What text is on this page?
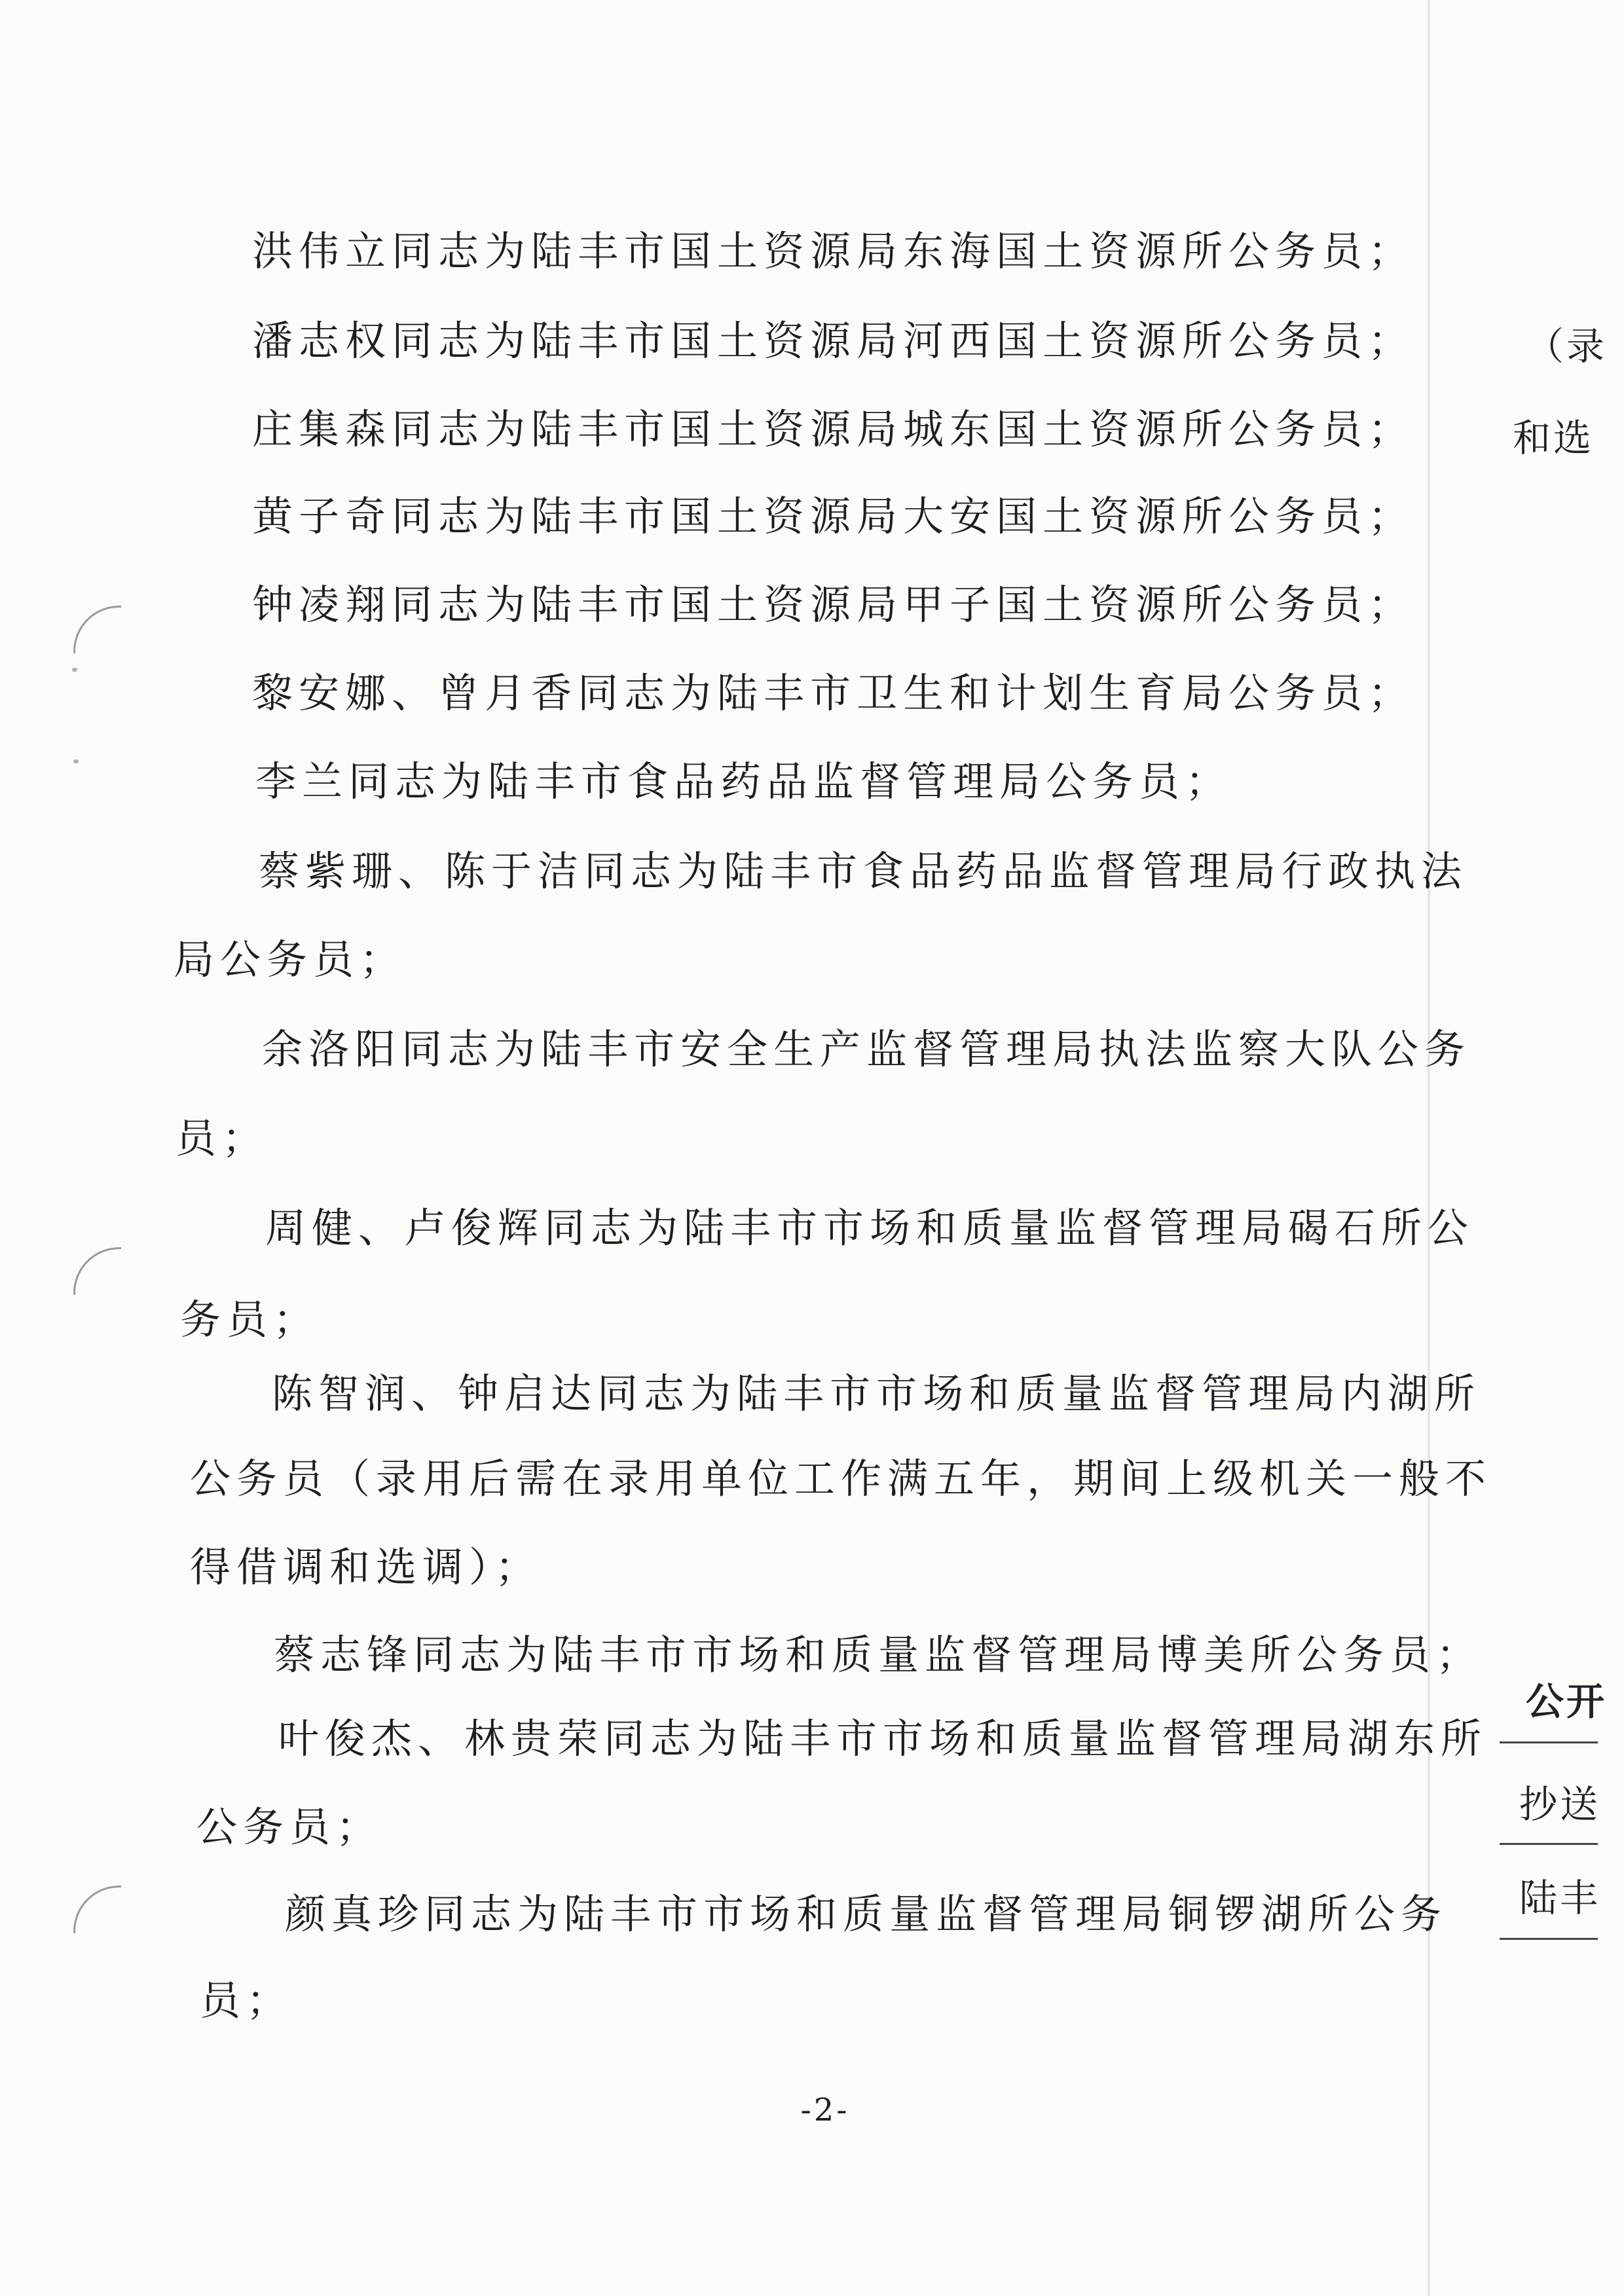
洪伟立同志为陆丰市国土资源局东海国土资源所公务员；
潘志权同志为陆丰市国土资源局河西国土资源所公务员；
庄集森同志为陆丰市国土资源局城东国土资源所公务员；
黄子奇同志为陆丰市国土资源局大安国土资源所公务员；
钟凌翔同志为陆丰市国土资源局甲子国土资源所公务员；
黎安娜、曾月香同志为陆丰市卫生和计划生育局公务员；
李兰同志为陆丰市食品药品监督管理局公务员；
蔡紫珊、陈于洁同志为陆丰市食品药品监督管理局行政执法
局公务员；
余洛阳同志为陆丰市安全生产监督管理局执法监察大队公务
员；
周健、卢俊辉同志为陆丰市市场和质量监督管理局碣石所公
务员；
陈智润、钟启达同志为陆丰市市场和质量监督管理局内湖所
公务员（录用后需在录用单位工作满五年，期间上级机关一般不
得借调和选调）；
蔡志锋同志为陆丰市市场和质量监督管理局博美所公务员；
叶俊杰、林贵荣同志为陆丰市市场和质量监督管理局湖东所
公务员；
颜真珍同志为陆丰市市场和质量监督管理局铜锣湖所公务
员；
-2-
（录
和选
公开
抄送
陆丰
